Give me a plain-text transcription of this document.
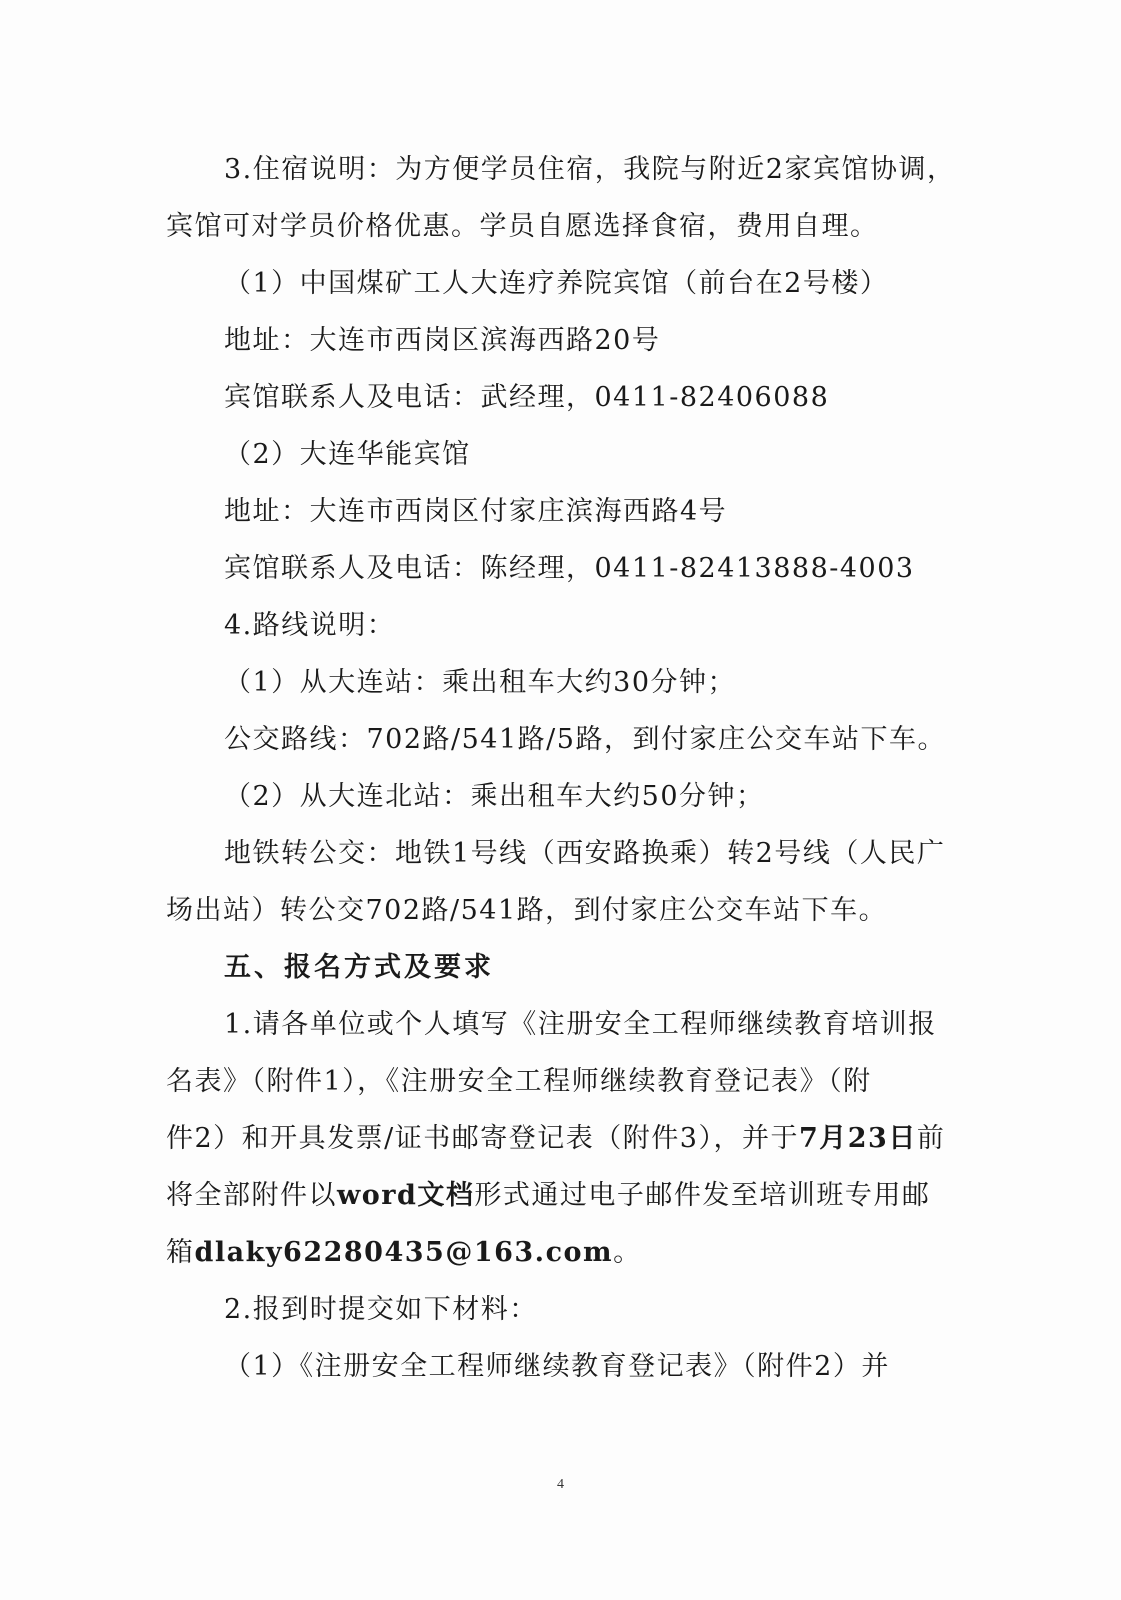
3.住宿说明：为方便学员住宿，我院与附近2家宾馆协调，
宾馆可对学员价格优惠。学员自愿选择食宿，费用自理。
（1）中国煤矿工人大连疗养院宾馆（前台在2号楼）
地址：大连市西岗区滨海西路20号
宾馆联系人及电话：武经理，0411-82406088
（2）大连华能宾馆
地址：大连市西岗区付家庄滨海西路4号
宾馆联系人及电话：陈经理，0411-82413888-4003
4.路线说明：
（1）从大连站：乘出租车大约30分钟；
公交路线：702路/541路/5路，到付家庄公交车站下车。
（2）从大连北站：乘出租车大约50分钟；
地铁转公交：地铁1号线（西安路换乘）转2号线（人民广
场出站）转公交702路/541路，到付家庄公交车站下车。
五、报名方式及要求
1.请各单位或个人填写《注册安全工程师继续教育培训报
名表》（附件1），《注册安全工程师继续教育登记表》（附
件2）和开具发票/证书邮寄登记表（附件3），并于7月23日前
将全部附件以word文档形式通过电子邮件发至培训班专用邮
箱dlaky62280435@163.com。
2.报到时提交如下材料：
（1）《注册安全工程师继续教育登记表》（附件2）并
4
